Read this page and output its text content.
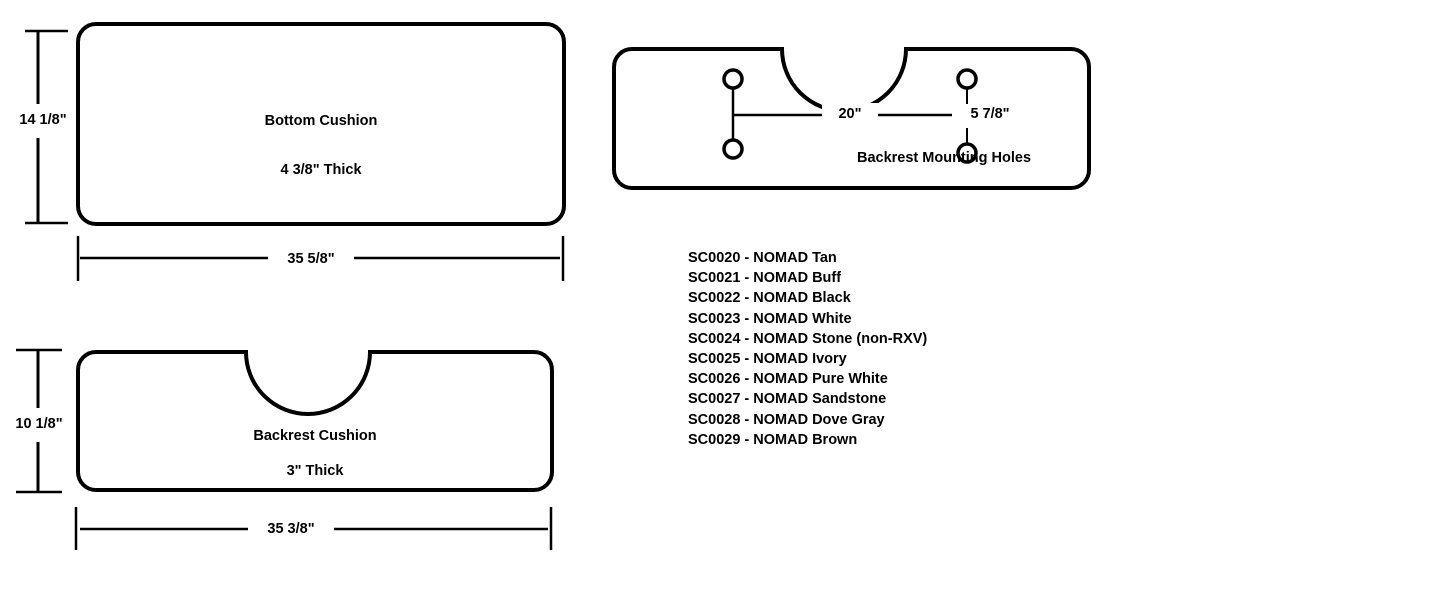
Bottom Cushion
4 3/8" Thick
14 1/8"
35 5/8"
Backrest Cushion
3" Thick
10 1/8"
35 3/8"
20"	5 7/8"
Backrest Mounting Holes
SC0020 - NOMAD Tan
SC0021 - NOMAD Buff
SC0022 - NOMAD Black
SC0023 - NOMAD White
SC0024 - NOMAD Stone (non-RXV)
SC0025 - NOMAD Ivory
SC0026 - NOMAD Pure White
SC0027 - NOMAD Sandstone
SC0028 - NOMAD Dove Gray
SC0029 - NOMAD Brown
